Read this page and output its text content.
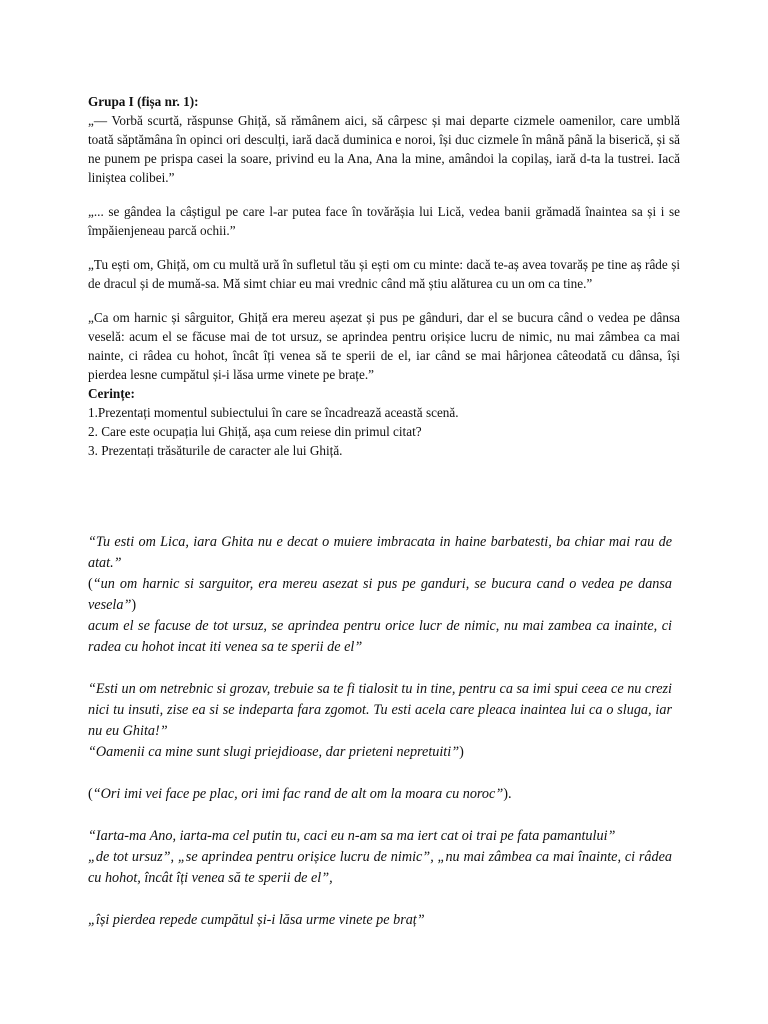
Grupa I (fișa nr. 1):

„— Vorbă scurtă, răspunse Ghiță, să rămânem aici, să cârpesc și mai departe cizmele oamenilor, care umblă toată săptămâna în opinci ori desculți, iară dacă duminica e noroi, își duc cizmele în mână până la biserică, și să ne punem pe prispa casei la soare, privind eu la Ana, Ana la mine, amândoi la copilaș, iară d-ta la tustrei. Iacă liniștea colibei.”

„... se gândea la câștigul pe care l-ar putea face în tovărășia lui Lică, vedea banii grămadă înaintea sa și i se împăienjeneau parcă ochii.”

„Tu ești om, Ghiță, om cu multă ură în sufletul tău și ești om cu minte: dacă te-aș avea tovarăș pe tine aș râde și de dracul și de mumă-sa. Mă simt chiar eu mai vrednic când mă știu alăturea cu un om ca tine.”

„Ca om harnic și sârguitor, Ghiță era mereu așezat și pus pe gânduri, dar el se bucura când o vedea pe dânsa veselă: acum el se făcuse mai de tot ursuz, se aprindea pentru orișice lucru de nimic, nu mai zâmbea ca mai nainte, ci râdea cu hohot, încât îți venea să te sperii de el, iar când se mai hârjonea câteodată cu dânsa, își pierdea lesne cumpătul și-i lăsa urme vinete pe brațe.”

Cerințe:

1.Prezentați momentul subiectului în care se încadrează această scenă.

2. Care este ocupația lui Ghiță, așa cum reiese din primul citat?

3. Prezentați trăsăturile de caracter ale lui Ghiță.

“Tu esti om Lica, iara Ghita nu e decat o muiere imbracata in haine barbatesti, ba chiar mai rau de atat.”

(“un om harnic si sarguitor, era mereu asezat si pus pe ganduri, se bucura cand o vedea pe dansa vesela”)

acum el se facuse de tot ursuz, se aprindea pentru orice lucr de nimic, nu mai zambea ca inainte, ci radea cu hohot incat iti venea sa te sperii de el”

“Esti un om netrebnic si grozav, trebuie sa te fi tialosit tu in tine, pentru ca sa imi spui ceea ce nu crezi nici tu insuti, zise ea si se indeparta fara zgomot. Tu esti acela care pleaca inaintea lui ca o sluga, iar nu eu Ghita!”

“Oamenii ca mine sunt slugi priejdioase, dar prieteni nepretuiti”)

(“Ori imi vei face pe plac, ori imi fac rand de alt om la moara cu noroc”).

“Iarta-ma Ano, iarta-ma cel putin tu, caci eu n-am sa ma iert cat oi trai pe fata pamantului”

„de tot ursuz”, „se aprindea pentru orișice lucru de nimic”, „nu mai zâmbea ca mai înainte, ci râdea cu hohot, încât îți venea să te sperii de el”,

„își pierdea repede cumpătul și-i lăsa urme vinete pe braț”
